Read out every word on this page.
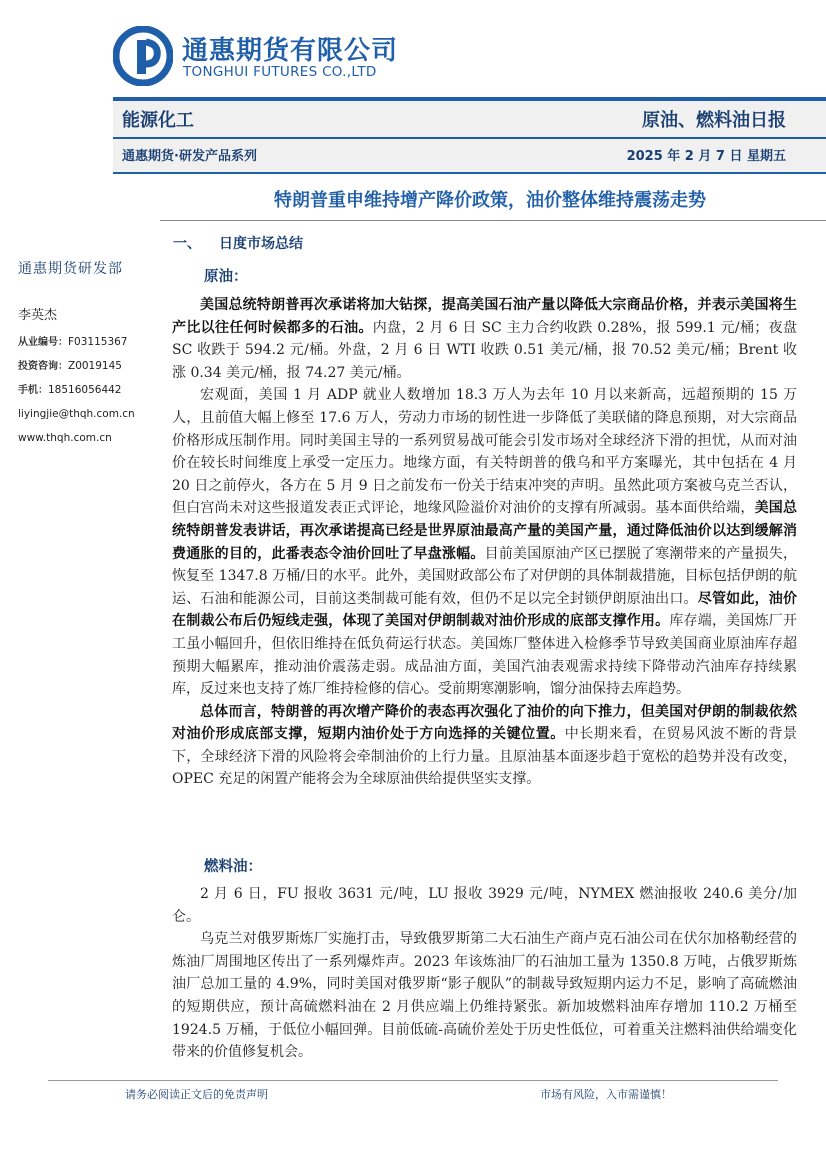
通惠期货有限公司
TONGHUI FUTURES CO.,LTD
能源化工	原油、燃料油日报
通惠期货·研发产品系列	2025 年 2 月 7 日 星期五
特朗普重申维持增产降价政策，油价整体维持震荡走势
通惠期货研发部
李英杰
从业编号：F03115367
投资咨询：Z0019145
手机：18516056442
liyingjie@thqh.com.cn
www.thqh.com.cn
一、 日度市场总结
原油：

美国总统特朗普再次承诺将加大钻探，提高美国石油产量以降低大宗商品价格，并表示美国将生产比以往任何时候都多的石油。内盘，2 月 6 日 SC 主力合约收跌 0.28%，报 599.1 元/桶；夜盘 SC 收跌于 594.2 元/桶。外盘，2 月 6 日 WTI 收跌 0.51 美元/桶，报 70.52 美元/桶；Brent 收涨 0.34 美元/桶，报 74.27 美元/桶。

宏观面，美国 1 月 ADP 就业人数增加 18.3 万人为去年 10 月以来新高，远超预期的 15 万人，且前值大幅上修至 17.6 万人，劳动力市场的韧性进一步降低了美联储的降息预期，对大宗商品价格形成压制作用。同时美国主导的一系列贸易战可能会引发市场对全球经济下滑的担忧，从而对油价在较长时间维度上承受一定压力。地缘方面，有关特朗普的俄乌和平方案曝光，其中包括在 4 月 20 日之前停火，各方在 5 月 9 日之前发布一份关于结束冲突的声明。虽然此项方案被乌克兰否认，但白宫尚未对这些报道发表正式评论，地缘风险溢价对油价的支撑有所减弱。基本面供给端，美国总统特朗普发表讲话，再次承诺提高已经是世界原油最高产量的美国产量，通过降低油价以达到缓解消费通胀的目的，此番表态令油价回吐了早盘涨幅。目前美国原油产区已摆脱了寒潮带来的产量损失，恢复至 1347.8 万桶/日的水平。此外，美国财政部公布了对伊朗的具体制裁措施，目标包括伊朗的航运、石油和能源公司，目前这类制裁可能有效，但仍不足以完全封锁伊朗原油出口。尽管如此，油价在制裁公布后仍短线走强，体现了美国对伊朗制裁对油价形成的底部支撑作用。库存端，美国炼厂开工虽小幅回升，但依旧维持在低负荷运行状态。美国炼厂整体进入检修季节导致美国商业原油库存超预期大幅累库，推动油价震荡走弱。成品油方面，美国汽油表观需求持续下降带动汽油库存持续累库，反过来也支持了炼厂维持检修的信心。受前期寒潮影响，馏分油保持去库趋势。

总体而言，特朗普的再次增产降价的表态再次强化了油价的向下推力，但美国对伊朗的制裁依然对油价形成底部支撑，短期内油价处于方向选择的关键位置。中长期来看，在贸易风波不断的背景下，全球经济下滑的风险将会牵制油价的上行力量。且原油基本面逐步趋于宽松的趋势并没有改变，OPEC 充足的闲置产能将会为全球原油供给提供坚实支撑。

燃料油：

2 月 6 日，FU 报收 3631 元/吨，LU 报收 3929 元/吨，NYMEX 燃油报收 240.6 美分/加仑。

乌克兰对俄罗斯炼厂实施打击，导致俄罗斯第二大石油生产商卢克石油公司在伏尔加格勒经营的炼油厂周围地区传出了一系列爆炸声。2023 年该炼油厂的石油加工量为 1350.8 万吨，占俄罗斯炼油厂总加工量的 4.9%，同时美国对俄罗斯“影子舰队”的制裁导致短期内运力不足，影响了高硫燃油的短期供应，预计高硫燃料油在 2 月供应端上仍维持紧张。新加坡燃料油库存增加 110.2 万桶至 1924.5 万桶，于低位小幅回弹。目前低硫-高硫价差处于历史性低位，可着重关注燃料油供给端变化带来的价值修复机会。

请务必阅读正文后的免责声明	市场有风险，入市需谨慎！
